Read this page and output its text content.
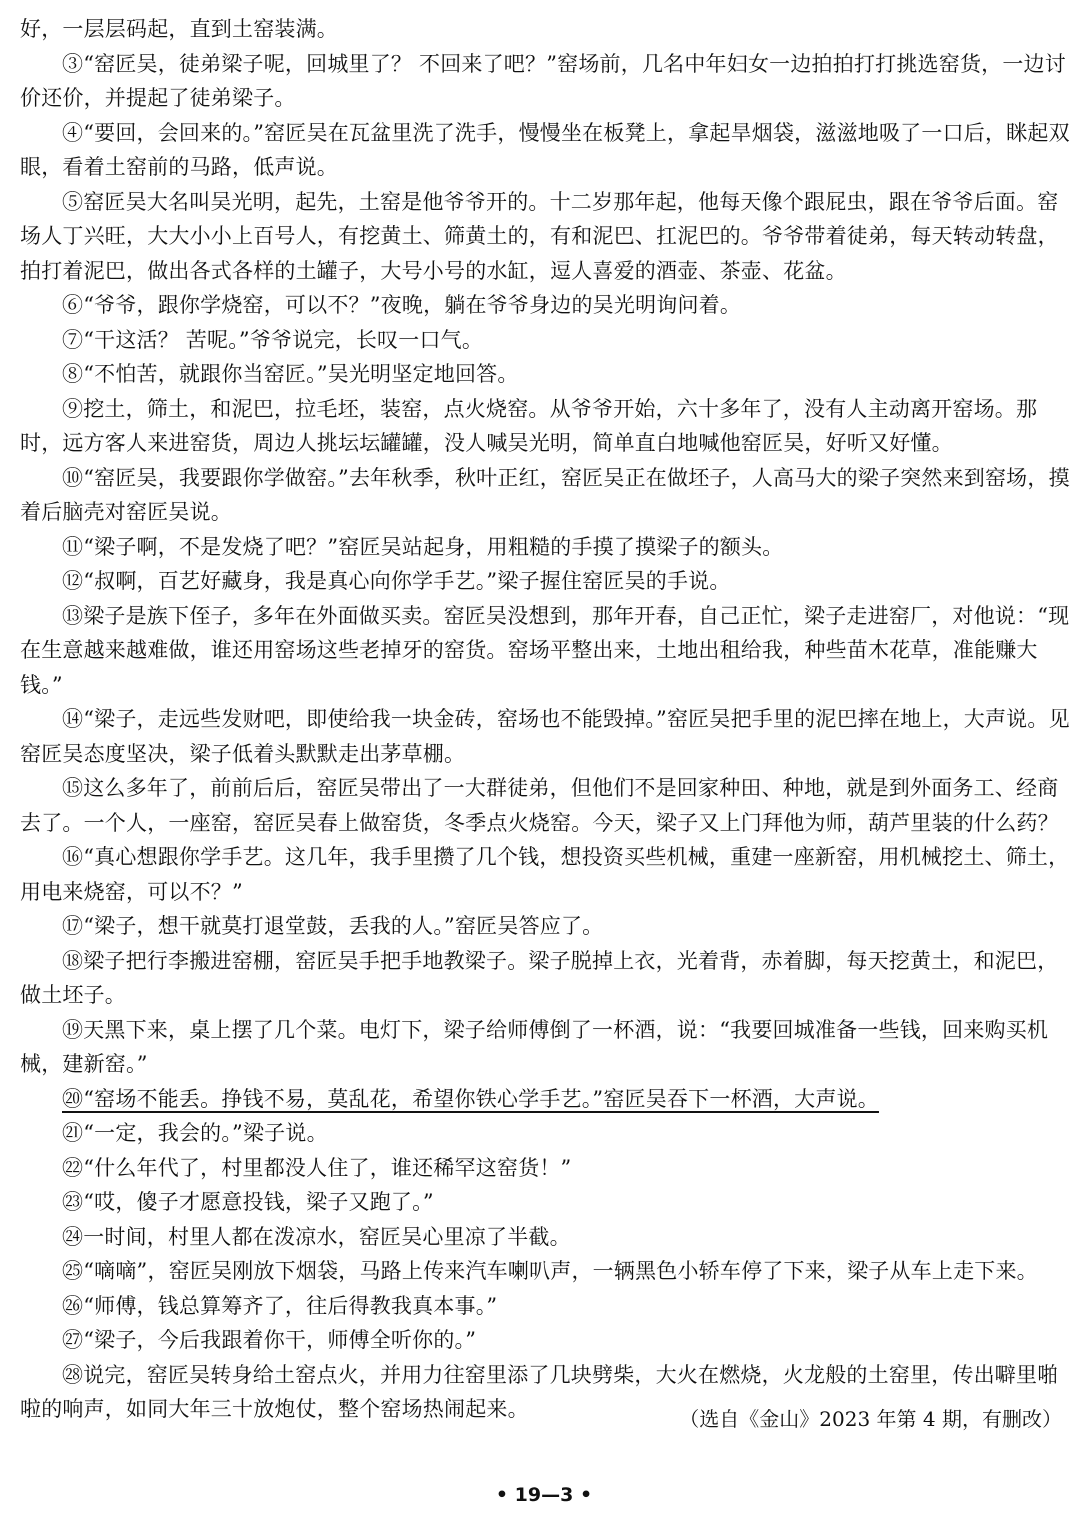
好，一层层码起，直到土窑装满。

③“窑匠吴，徒弟梁子呢，回城里了？ 不回来了吧？”窑场前，几名中年妇女一边拍拍打打挑选窑货，一边讨价还价，并提起了徒弟梁子。

④“要回，会回来的。”窑匠吴在瓦盆里洗了洗手，慢慢坐在板凳上，拿起旱烟袋，滋滋地吸了一口后，眯起双眼，看着土窑前的马路，低声说。

⑤窑匠吴大名叫吴光明，起先，土窑是他爷爷开的。十二岁那年起，他每天像个跟屁虫，跟在爷爷后面。窑场人丁兴旺，大大小小上百号人，有挖黄土、筛黄土的，有和泥巴、扛泥巴的。爷爷带着徒弟，每天转动转盘，拍打着泥巴，做出各式各样的土罐子，大号小号的水缸，逗人喜爱的酒壶、茶壶、花盆。

⑥“爷爷，跟你学烧窑，可以不？”夜晚，躺在爷爷身边的吴光明询问着。

⑦“干这活？ 苦呢。”爷爷说完，长叹一口气。

⑧“不怕苦，就跟你当窑匠。”吴光明坚定地回答。

⑨挖土，筛土，和泥巴，拉毛坯，装窑，点火烧窑。从爷爷开始，六十多年了，没有人主动离开窑场。那时，远方客人来进窑货，周边人挑坛坛罐罐，没人喊吴光明，简单直白地喊他窑匠吴，好听又好懂。

⑩“窑匠吴，我要跟你学做窑。”去年秋季，秋叶正红，窑匠吴正在做坯子，人高马大的梁子突然来到窑场，摸着后脑壳对窑匠吴说。

⑪“梁子啊，不是发烧了吧？”窑匠吴站起身，用粗糙的手摸了摸梁子的额头。

⑫“叔啊，百艺好藏身，我是真心向你学手艺。”梁子握住窑匠吴的手说。

⑬梁子是族下侄子，多年在外面做买卖。窑匠吴没想到，那年开春，自己正忙，梁子走进窑厂，对他说：“现在生意越来越难做，谁还用窑场这些老掉牙的窑货。窑场平整出来，土地出租给我，种些苗木花草，准能赚大钱。”

⑭“梁子，走远些发财吧，即使给我一块金砖，窑场也不能毁掉。”窑匠吴把手里的泥巴摔在地上，大声说。见窑匠吴态度坚决，梁子低着头默默走出茅草棚。

⑮这么多年了，前前后后，窑匠吴带出了一大群徒弟，但他们不是回家种田、种地，就是到外面务工、经商去了。一个人，一座窑，窑匠吴春上做窑货，冬季点火烧窑。今天，梁子又上门拜他为师，葫芦里装的什么药？

⑯“真心想跟你学手艺。这几年，我手里攒了几个钱，想投资买些机械，重建一座新窑，用机械挖土、筛土，用电来烧窑，可以不？”

⑰“梁子，想干就莫打退堂鼓，丢我的人。”窑匠吴答应了。

⑱梁子把行李搬进窑棚，窑匠吴手把手地教梁子。梁子脱掉上衣，光着背，赤着脚，每天挖黄土，和泥巴，做土坯子。

⑲天黑下来，桌上摆了几个菜。电灯下，梁子给师傅倒了一杯酒，说：“我要回城准备一些钱，回来购买机械，建新窑。”

⑳“窑场不能丢。挣钱不易，莫乱花，希望你铁心学手艺。”窑匠吴吞下一杯酒，大声说。

㉑“一定，我会的。”梁子说。

㉒“什么年代了，村里都没人住了，谁还稀罕这窑货！”

㉓“哎，傻子才愿意投钱，梁子又跑了。”

㉔一时间，村里人都在泼凉水，窑匠吴心里凉了半截。

㉕“嘀嘀”，窑匠吴刚放下烟袋，马路上传来汽车喇叭声，一辆黑色小轿车停了下来，梁子从车上走下来。

㉖“师傅，钱总算筹齐了，往后得教我真本事。”

㉗“梁子，今后我跟着你干，师傅全听你的。”

㉘说完，窑匠吴转身给土窑点火，并用力往窑里添了几块劈柴，大火在燃烧，火龙般的土窑里，传出噼里啪啦的响声，如同大年三十放炮仗，整个窑场热闹起来。	（选自《金山》2023 年第 4 期，有删改）
• 19—3 •
